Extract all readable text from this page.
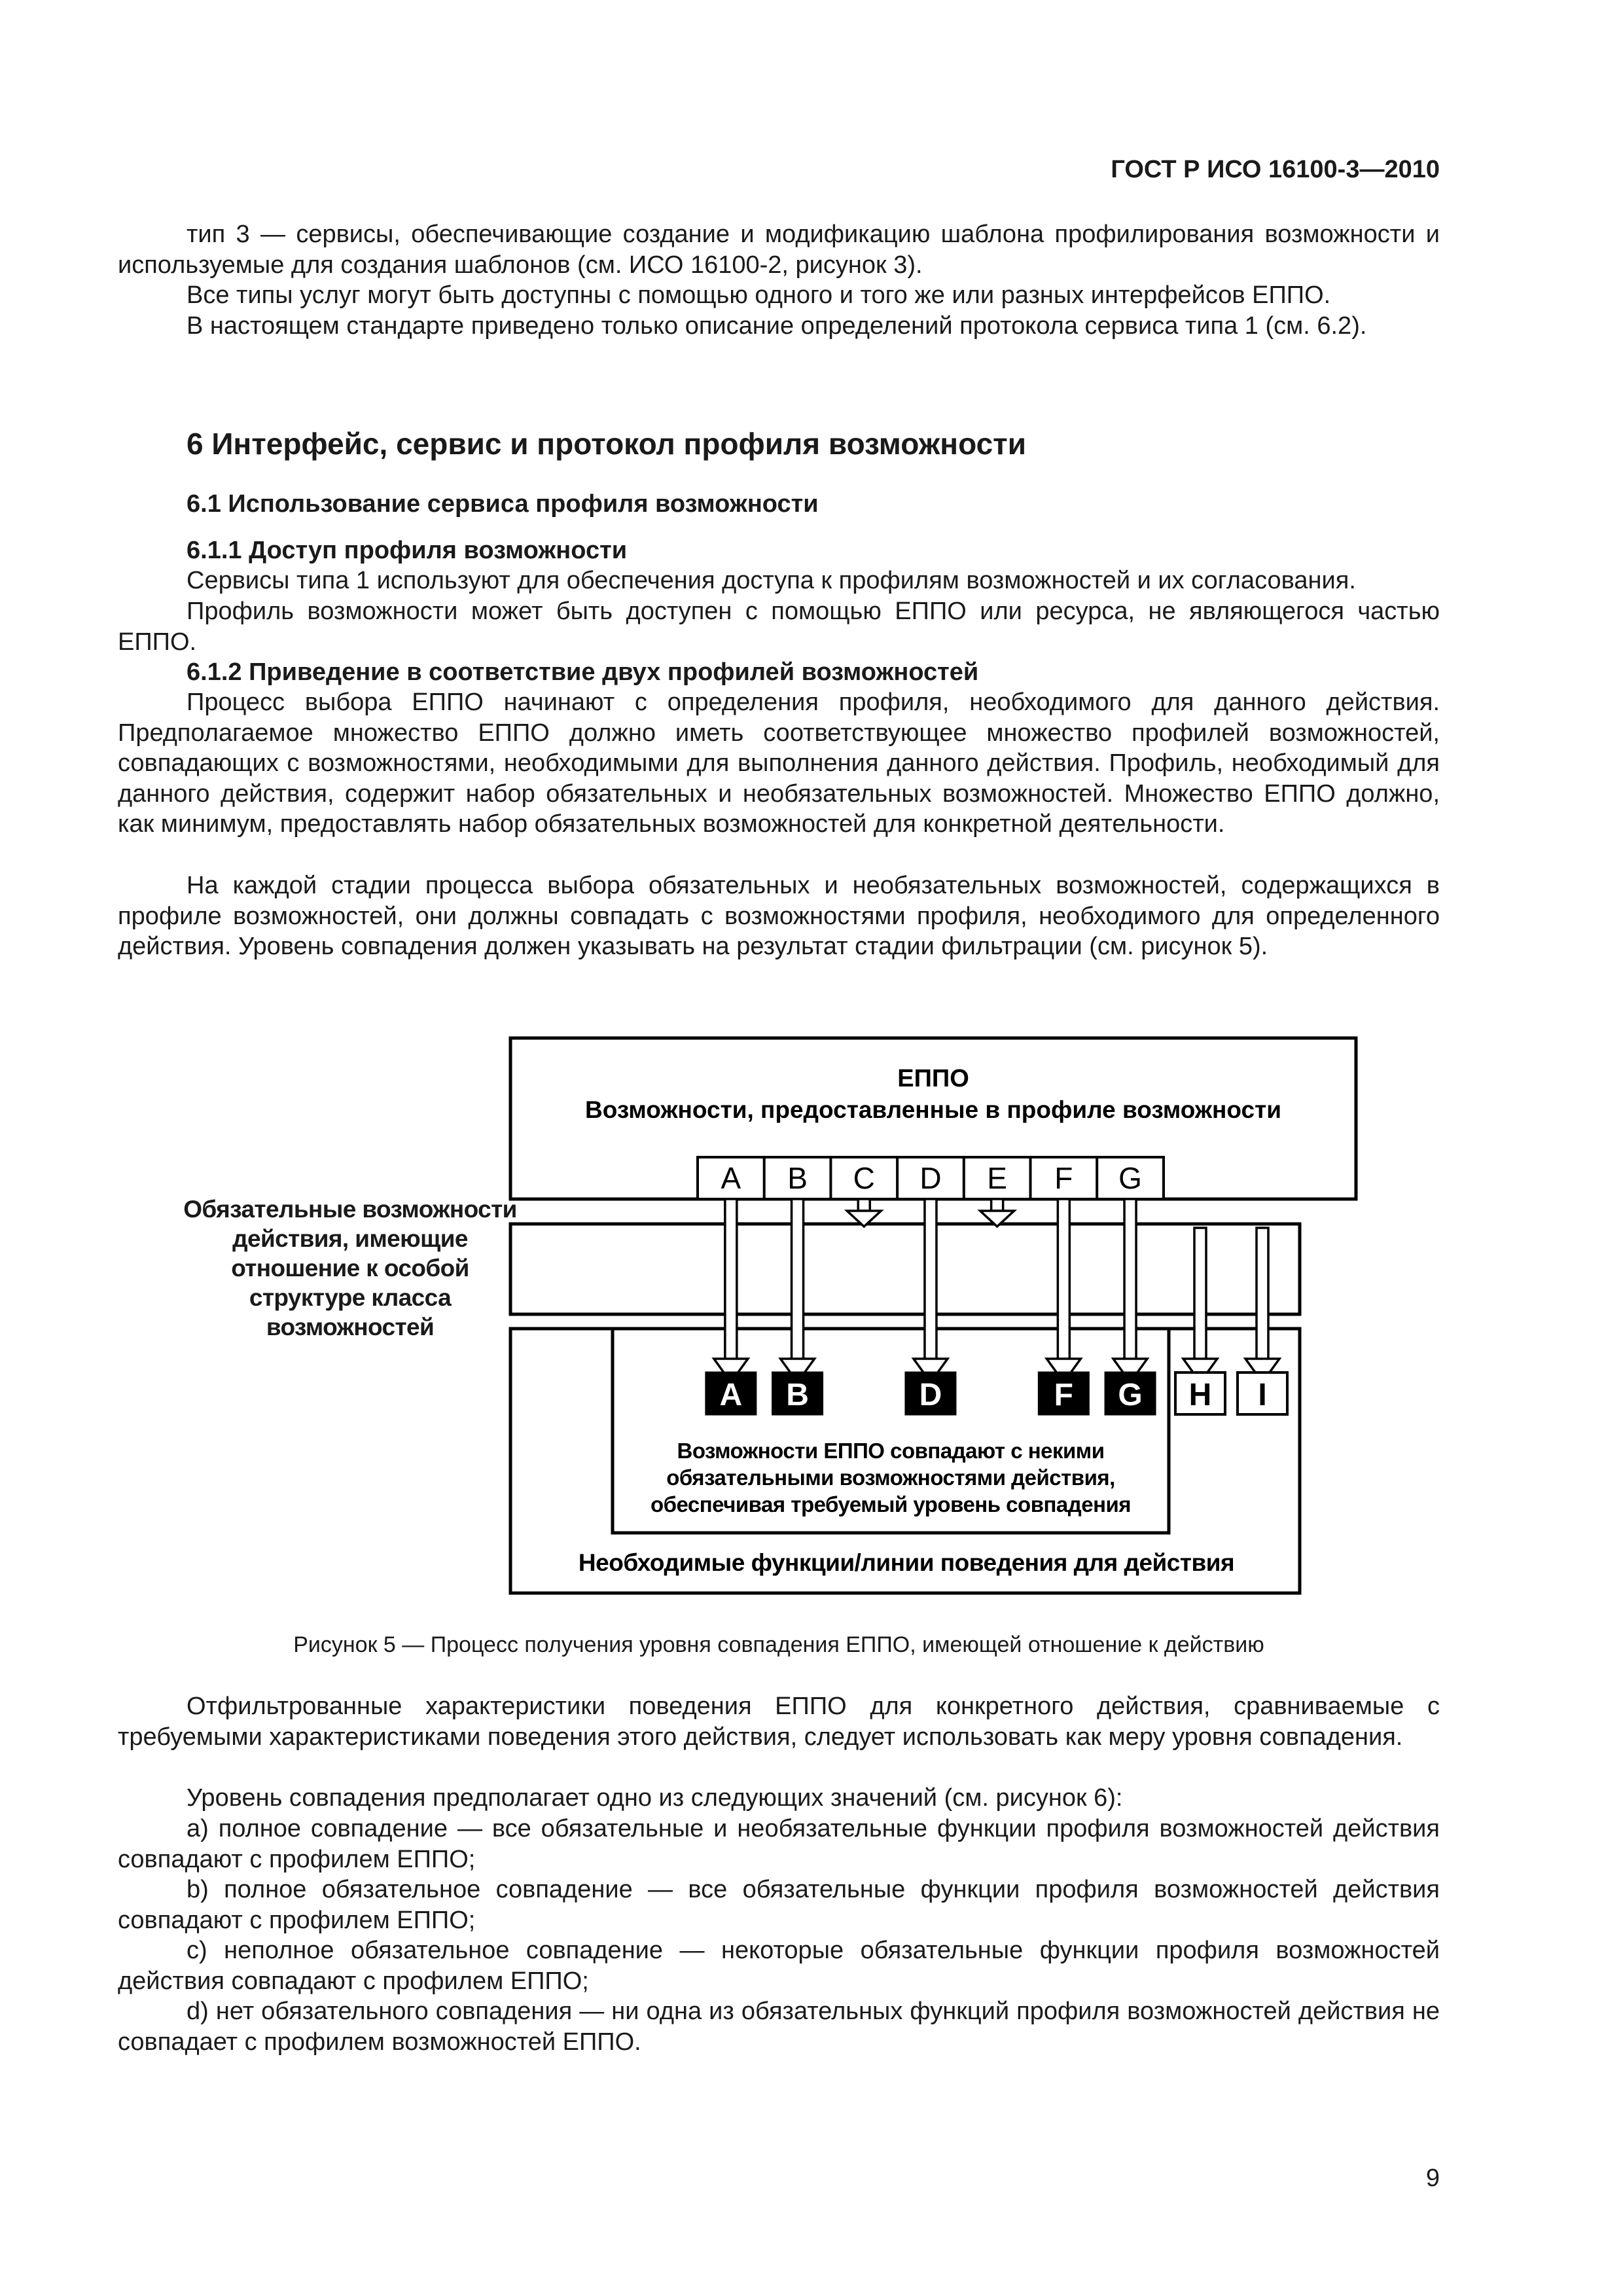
ГОСТ Р ИСО 16100-3—2010

тип 3 — сервисы, обеспечивающие создание и модификацию шаблона профилирования возможности и используемые для создания шаблонов (см. ИСО 16100-2, рисунок 3).

Все типы услуг могут быть доступны с помощью одного и того же или разных интерфейсов ЕППО.

В настоящем стандарте приведено только описание определений протокола сервиса типа 1 (см. 6.2).

6 Интерфейс, сервис и протокол профиля возможности
6.1 Использование сервиса профиля возможности
6.1.1 Доступ профиля возможности

Сервисы типа 1 используют для обеспечения доступа к профилям возможностей и их согласования.

Профиль возможности может быть доступен с помощью ЕППО или ресурса, не являющегося частью ЕППО.

6.1.2 Приведение в соответствие двух профилей возможностей

Процесс выбора ЕППО начинают с определения профиля, необходимого для данного действия. Предполагаемое множество ЕППО должно иметь соответствующее множество профилей возможностей, совпадающих с возможностями, необходимыми для выполнения данного действия. Профиль, необходимый для данного действия, содержит набор обязательных и необязательных возможностей. Множество ЕППО должно, как минимум, предоставлять набор обязательных возможностей для конкретной деятельности.

На каждой стадии процесса выбора обязательных и необязательных возможностей, содержащихся в профиле возможностей, они должны совпадать с возможностями профиля, необходимого для определенного действия. Уровень совпадения должен указывать на результат стадии фильтрации (см. рисунок 5).

ЕППО
Возможности, предоставленные в профиле возможности
Необходимые функции/линии поведения для действия
Возможности ЕППО совпадают с некими
обязательными возможностями действия,
обеспечивая требуемый уровень совпадения
A B C D E F G
A B	D	F G H I
Обязательные возможности действия, имеющие отношение к особой структуре класса возможностей

Рисунок 5 — Процесс получения уровня совпадения ЕППО, имеющей отношение к действию

Отфильтрованные характеристики поведения ЕППО для конкретного действия, сравниваемые с требуемыми характеристиками поведения этого действия, следует использовать как меру уровня совпадения.

Уровень совпадения предполагает одно из следующих значений (см. рисунок 6):

а) полное совпадение — все обязательные и необязательные функции профиля возможностей действия совпадают с профилем ЕППО;

b) полное обязательное совпадение — все обязательные функции профиля возможностей действия совпадают с профилем ЕППО;

с) неполное обязательное совпадение — некоторые обязательные функции профиля возможностей действия совпадают с профилем ЕППО;

d) нет обязательного совпадения — ни одна из обязательных функций профиля возможностей действия не совпадает с профилем возможностей ЕППО.

9
